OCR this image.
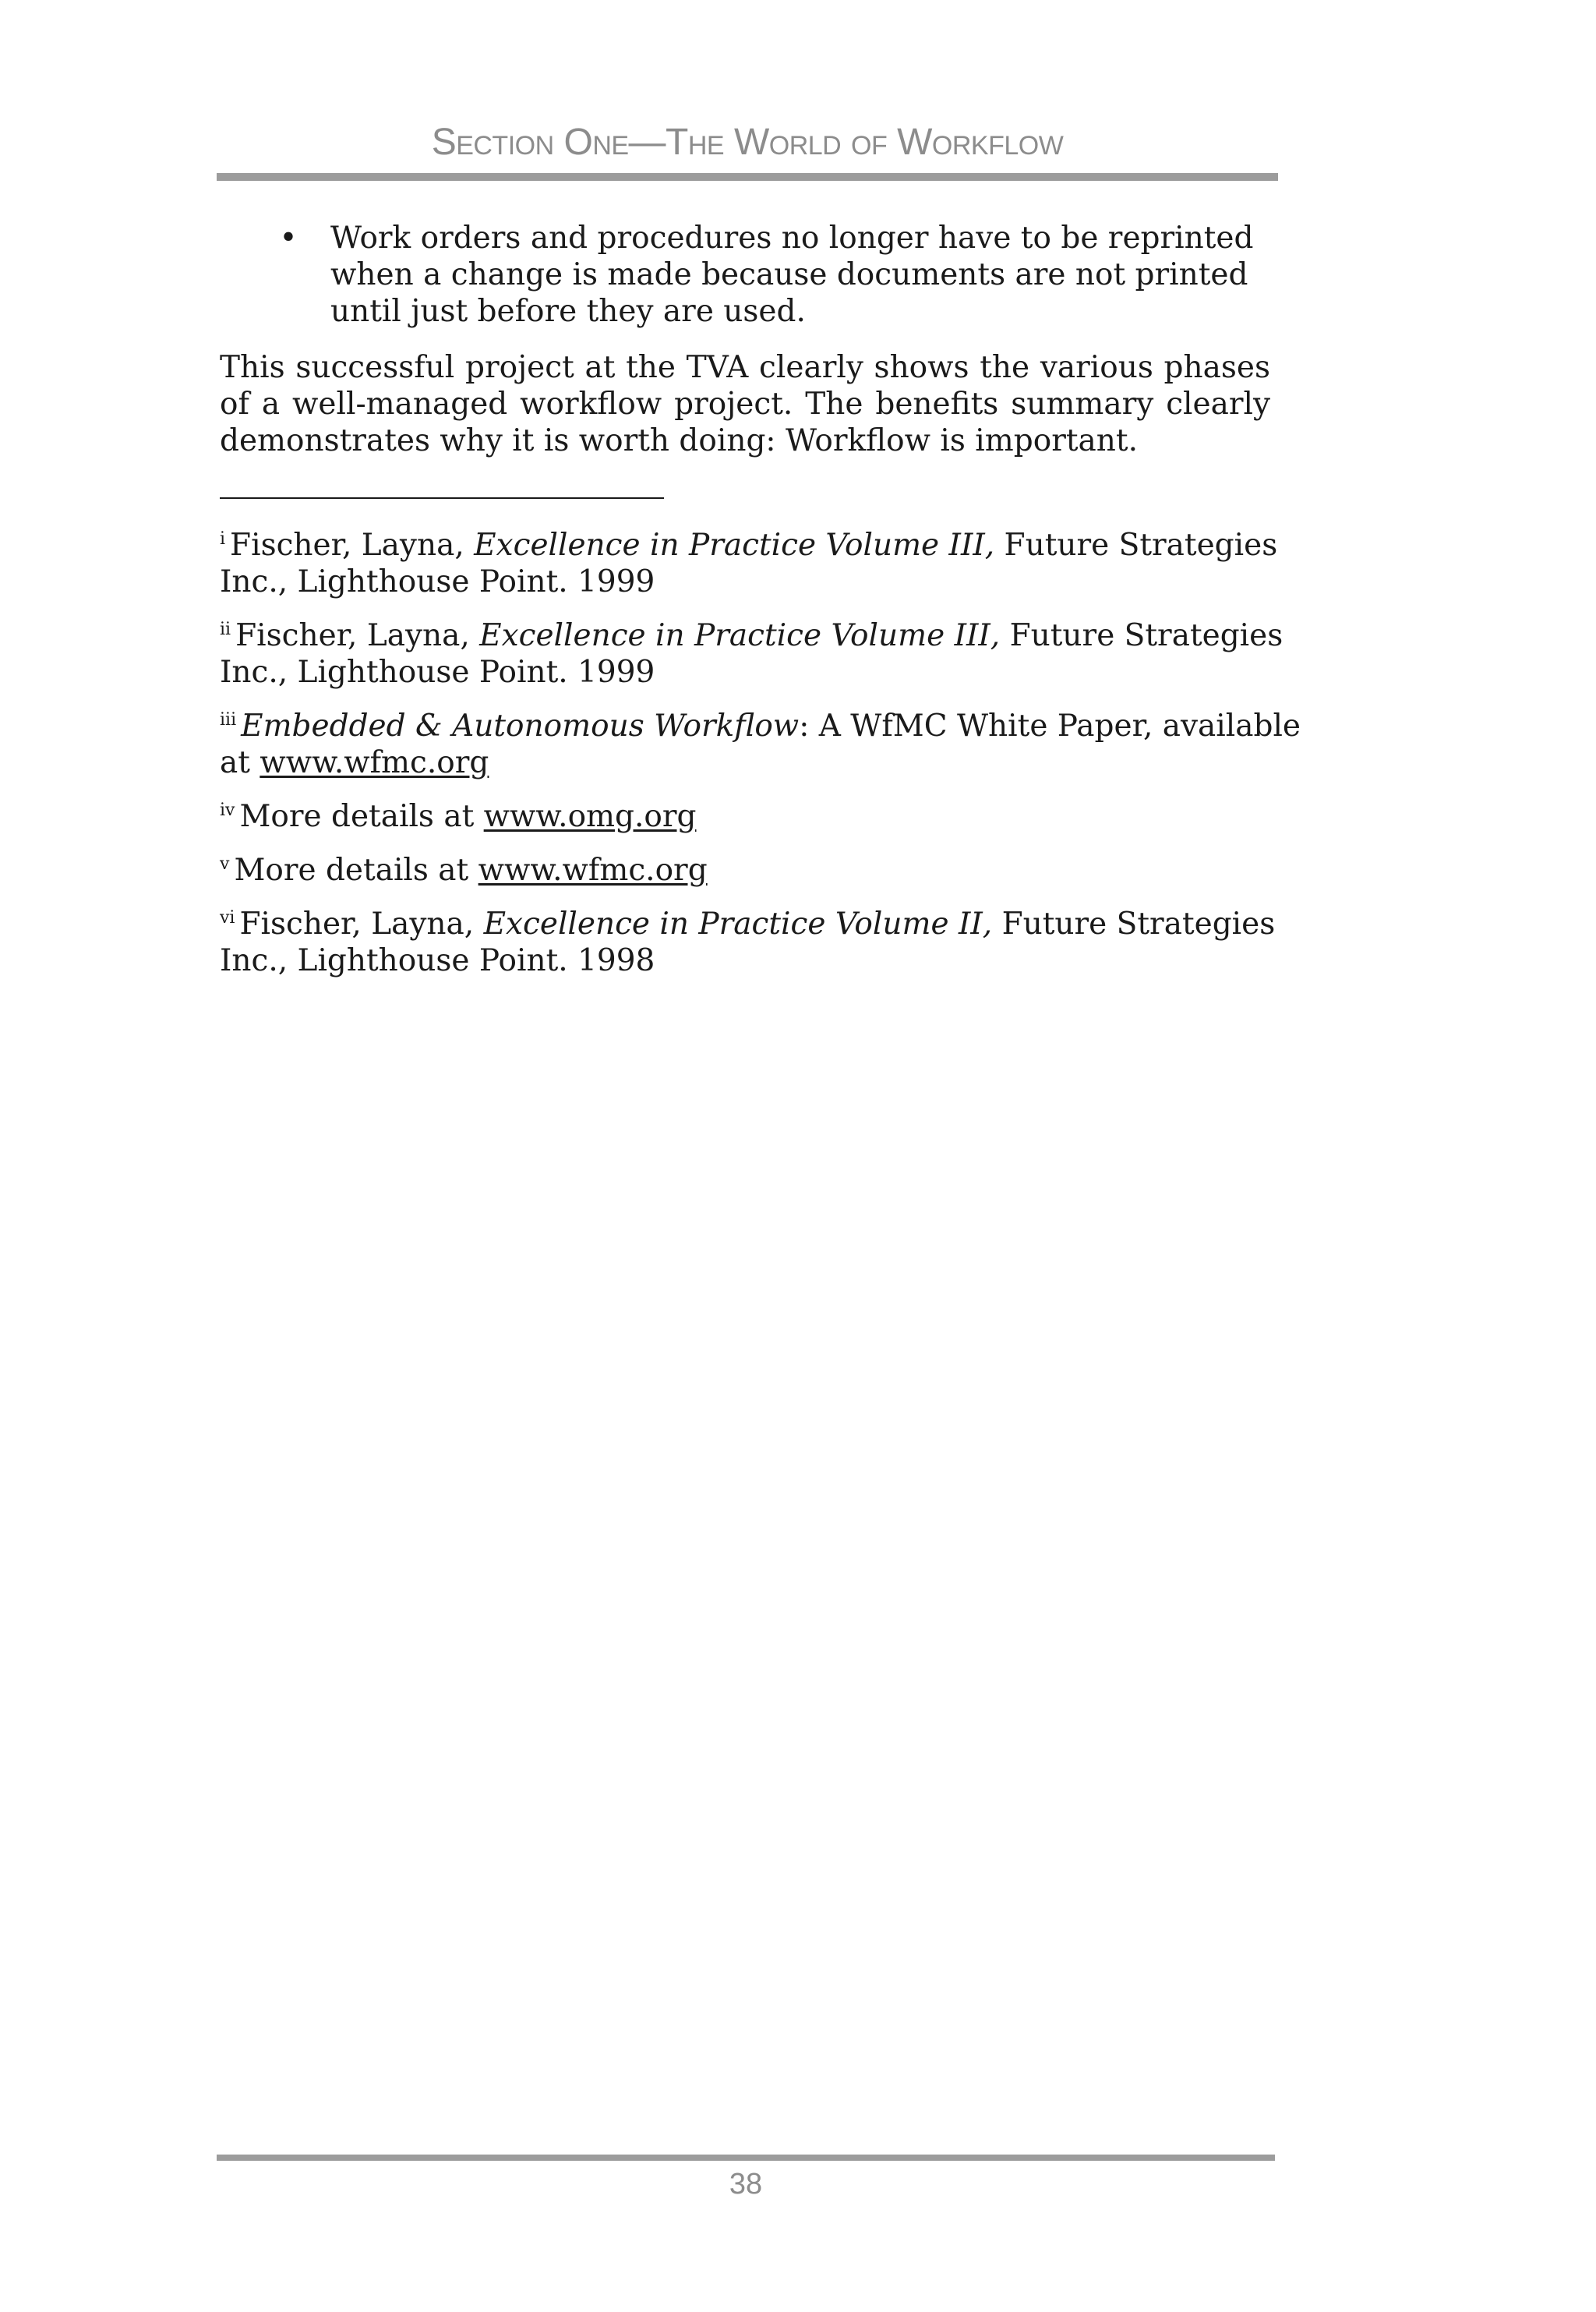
Section One—The World of Workflow
• Work orders and procedures no longer have to be reprinted
when a change is made because documents are not printed
until just before they are used.
This successful project at the TVA clearly shows the various phases
of a well-managed workflow project. The benefits summary clearly
demonstrates why it is worth doing: Workflow is important.
$^i$ Fischer, Layna, Excellence in Practice Volume III, Future Strategies
Inc., Lighthouse Point. 1999
$^{ii}$ Fischer, Layna, Excellence in Practice Volume III, Future Strategies
Inc., Lighthouse Point. 1999
$^{iii}$ Embedded & Autonomous Workflow: A WfMC White Paper, available
at www.wfmc.org
$^{iv}$ More details at www.omg.org
$^v$ More details at www.wfmc.org
$^{vi}$ Fischer, Layna, Excellence in Practice Volume II, Future Strategies
Inc., Lighthouse Point. 1998
38
